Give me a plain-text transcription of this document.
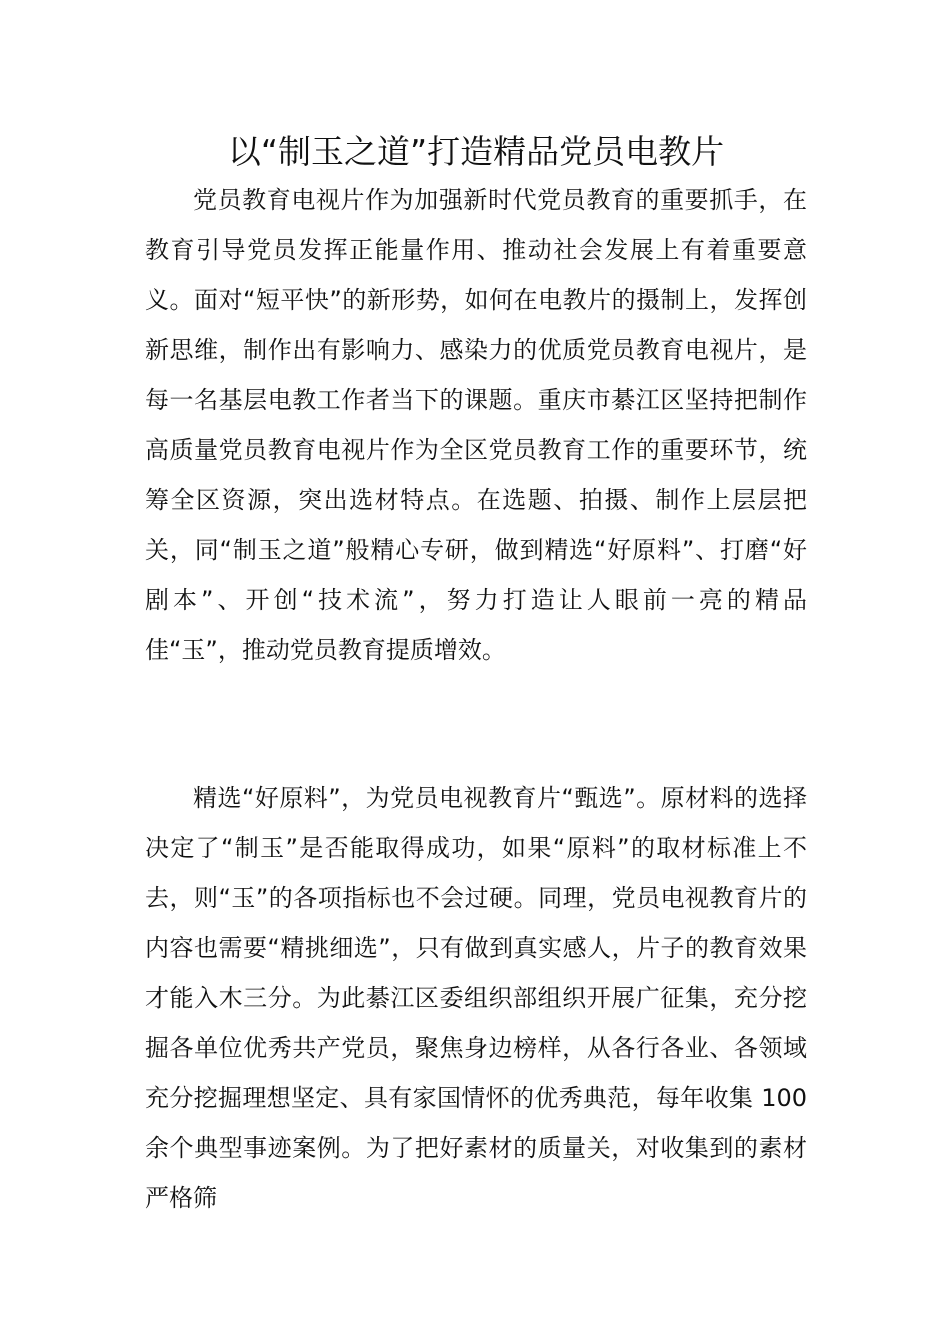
以“制玉之道”打造精品党员电教片

党员教育电视片作为加强新时代党员教育的重要抓手，在教育引导党员发挥正能量作用、推动社会发展上有着重要意义。面对“短平快”的新形势，如何在电教片的摄制上，发挥创新思维，制作出有影响力、感染力的优质党员教育电视片，是每一名基层电教工作者当下的课题。重庆市綦江区坚持把制作高质量党员教育电视片作为全区党员教育工作的重要环节，统筹全区资源，突出选材特点。在选题、拍摄、制作上层层把关，同“制玉之道”般精心专研，做到精选“好原料”、打磨“好剧本”、开创“技术流”，努力打造让人眼前一亮的精品佳“玉”，推动党员教育提质增效。

精选“好原料”，为党员电视教育片“甄选”。原材料的选择决定了“制玉”是否能取得成功，如果“原料”的取材标准上不去，则“玉”的各项指标也不会过硬。同理，党员电视教育片的内容也需要“精挑细选”，只有做到真实感人，片子的教育效果才能入木三分。为此綦江区委组织部组织开展广征集，充分挖掘各单位优秀共产党员，聚焦身边榜样，从各行各业、各领域充分挖掘理想坚定、具有家国情怀的优秀典范，每年收集 100 余个典型事迹案例。为了把好素材的质量关，对收集到的素材严格筛
